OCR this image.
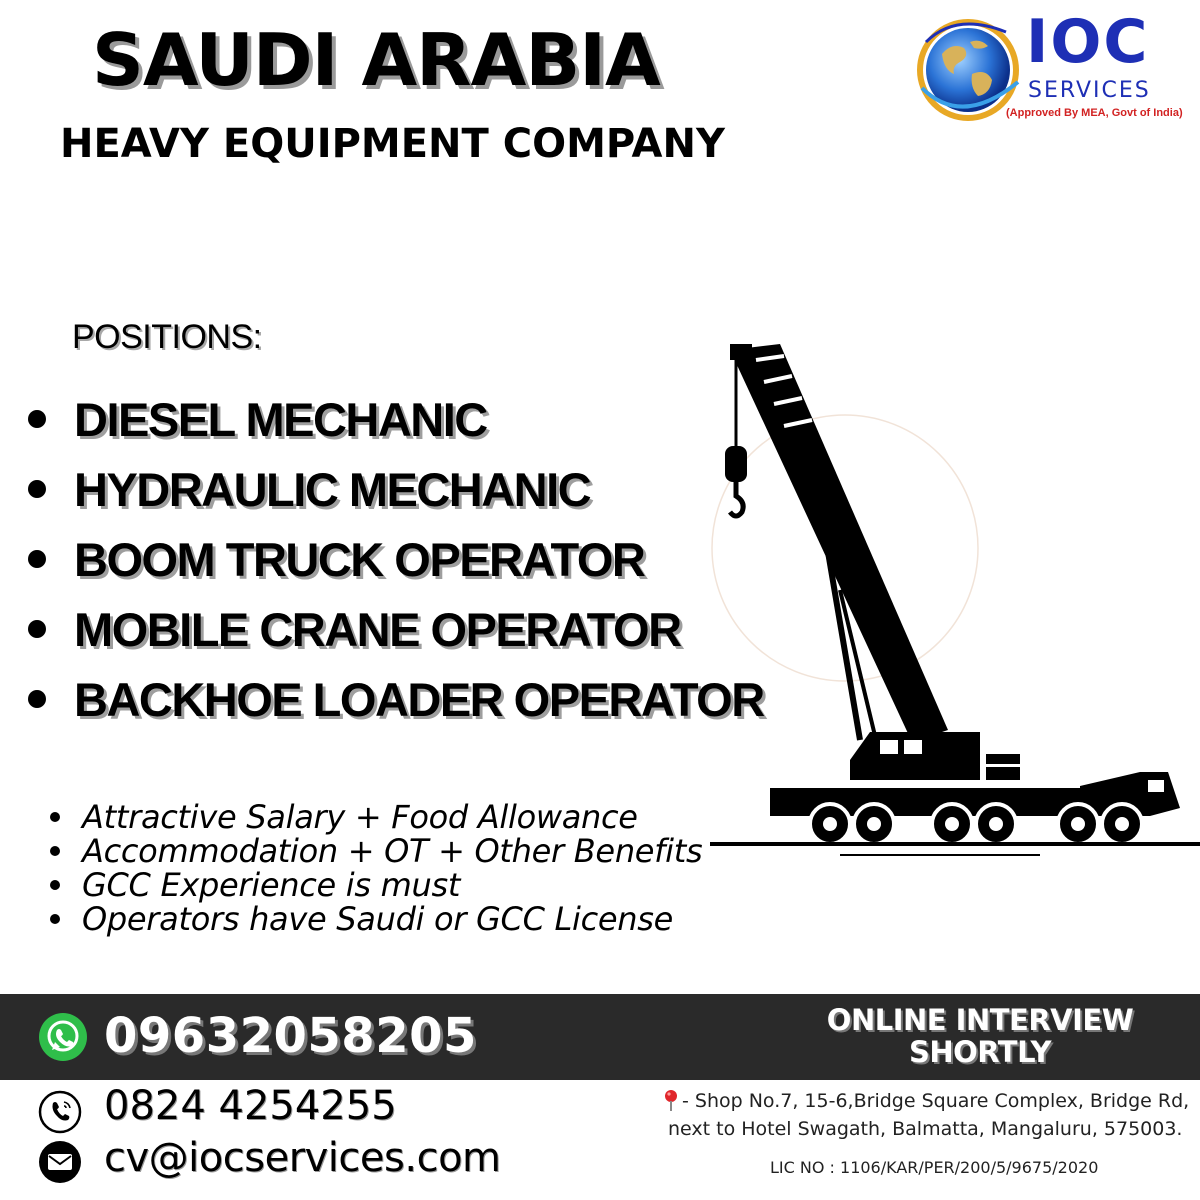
SAUDI ARABIA
HEAVY EQUIPMENT COMPANY
IOC
SERVICES
(Approved By MEA, Govt of India)
POSITIONS:
DIESEL MECHANIC
HYDRAULIC MECHANIC
BOOM TRUCK OPERATOR
MOBILE CRANE OPERATOR
BACKHOE LOADER OPERATOR
Attractive Salary + Food Allowance
Accommodation + OT + Other Benefits
GCC Experience is must
Operators have Saudi or GCC License
09632058205	ONLINE INTERVIEW
SHORTLY
0824 4254255
cv@iocservices.com
- Shop No.7, 15-6,Bridge Square Complex, Bridge Rd,
next to Hotel Swagath, Balmatta, Mangaluru, 575003.
LIC NO : 1106/KAR/PER/200/5/9675/2020
